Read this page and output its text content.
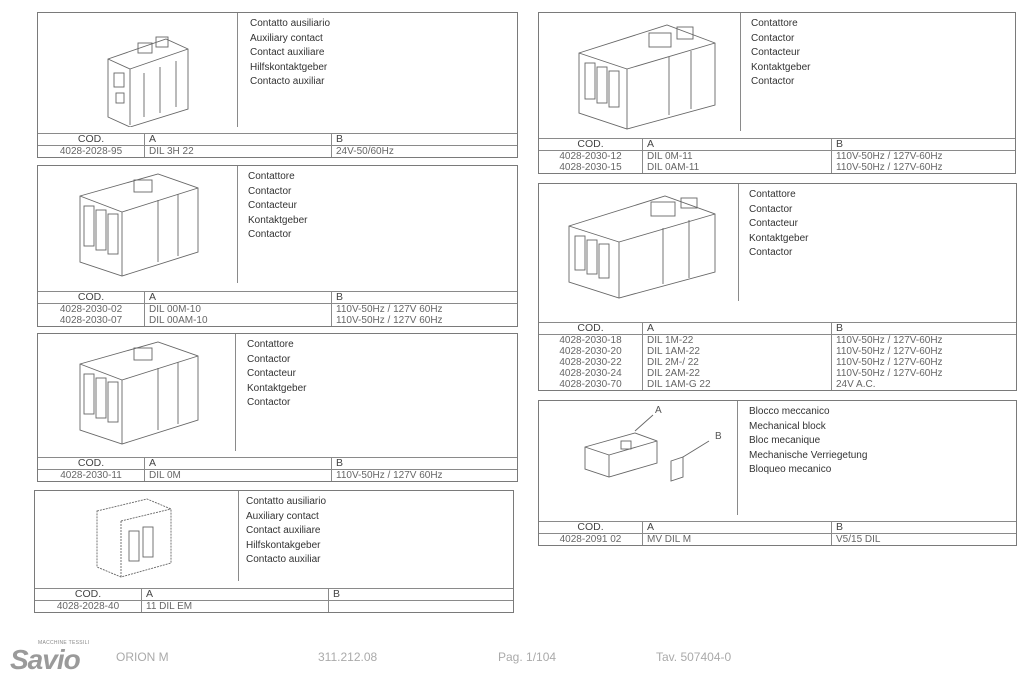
Contatto ausiliario
Auxiliary contact
Contact auxiliare
Hilfskontaktgeber
Contacto auxiliar
COD.	A	B
4028-2028-95	DIL 3H 22	24V-50/60Hz
Contattore
Contactor
Contacteur
Kontaktgeber
Contactor
COD.	A	B
4028-2030-02	DIL 00M-10	110V-50Hz / 127V 60Hz
4028-2030-07	DIL 00AM-10	110V-50Hz / 127V 60Hz
Contattore
Contactor
Contacteur
Kontaktgeber
Contactor
COD.	A	B
4028-2030-11	DIL 0M	110V-50Hz / 127V 60Hz
Contatto ausiliario
Auxiliary contact
Contact auxiliare
Hilfskontakgeber
Contacto auxiliar
COD.	A	B
4028-2028-40	11 DIL EM	
Contattore
Contactor
Contacteur
Kontaktgeber
Contactor
COD.	A	B
4028-2030-12	DIL 0M-11	110V-50Hz / 127V-60Hz
4028-2030-15	DIL 0AM-11	110V-50Hz / 127V-60Hz
Contattore
Contactor
Contacteur
Kontaktgeber
Contactor
COD.	A	B
4028-2030-18	DIL 1M-22	110V-50Hz / 127V-60Hz
4028-2030-20	DIL 1AM-22	110V-50Hz / 127V-60Hz
4028-2030-22	DIL 2M-/ 22	110V-50Hz / 127V-60Hz
4028-2030-24	DIL 2AM-22	110V-50Hz / 127V-60Hz
4028-2030-70	DIL 1AM-G 22	24V A.C.
A
B
Blocco meccanico
Mechanical block
Bloc mecanique
Mechanische Verriegetung
Bloqueo mecanico
COD.	A	B
4028-2091 02	MV DIL M	V5/15 DIL
MACCHINE TESSILI
Savio	ORION M	311.212.08	Pag. 1/104	Tav. 507404-0
